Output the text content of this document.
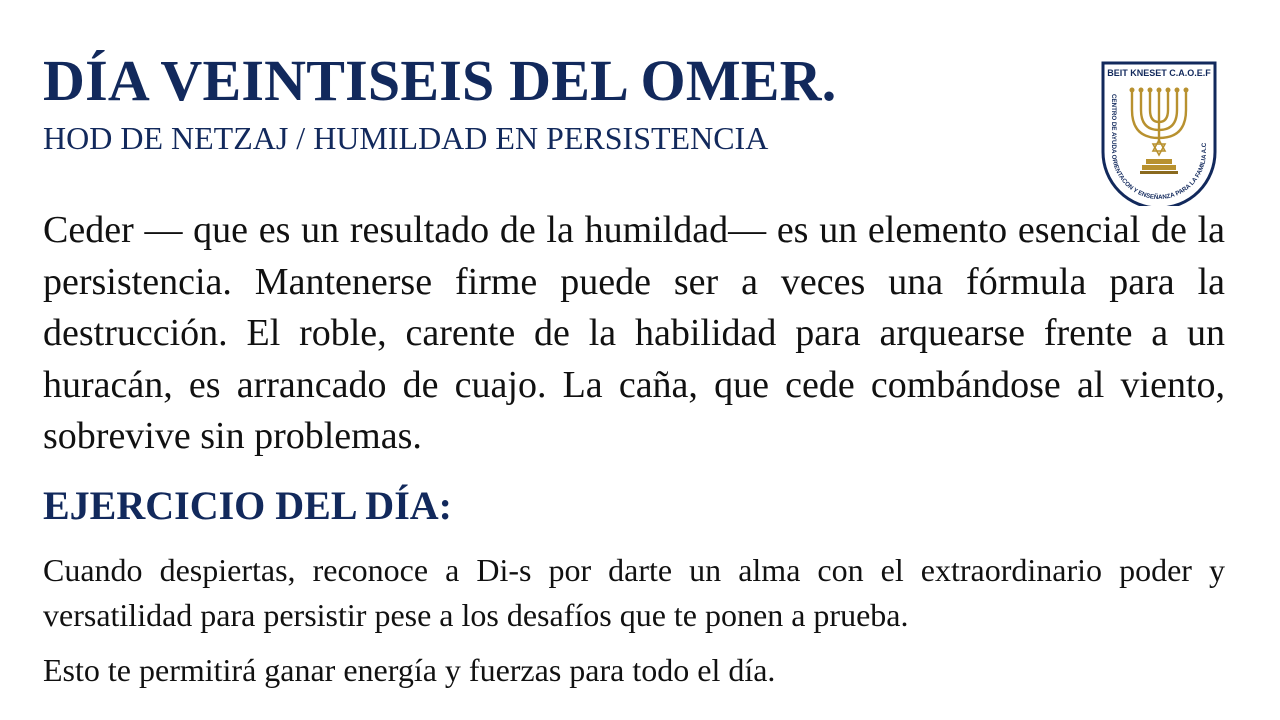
DÍA VEINTISEIS DEL OMER.
HOD DE NETZAJ / HUMILDAD EN PERSISTENCIA
BEIT KNESET C.A.O.E.F
CENTRO DE AYUDA ORIENTACON Y ENSEÑANZA PARA LA FAMILIA A.C

Ceder — que es un resultado de la humildad— es un elemento esencial de la persistencia. Mantenerse firme puede ser a veces una fórmula para la destrucción. El roble, carente de la habilidad para arquearse frente a un huracán, es arrancado de cuajo. La caña, que cede combándose al viento, sobrevive sin problemas.

EJERCICIO DEL DÍA:

Cuando despiertas, reconoce a Di-s por darte un alma con el extraordinario poder y versatilidad para persistir pese a los desafíos que te ponen a prueba.

Esto te permitirá ganar energía y fuerzas para todo el día.
